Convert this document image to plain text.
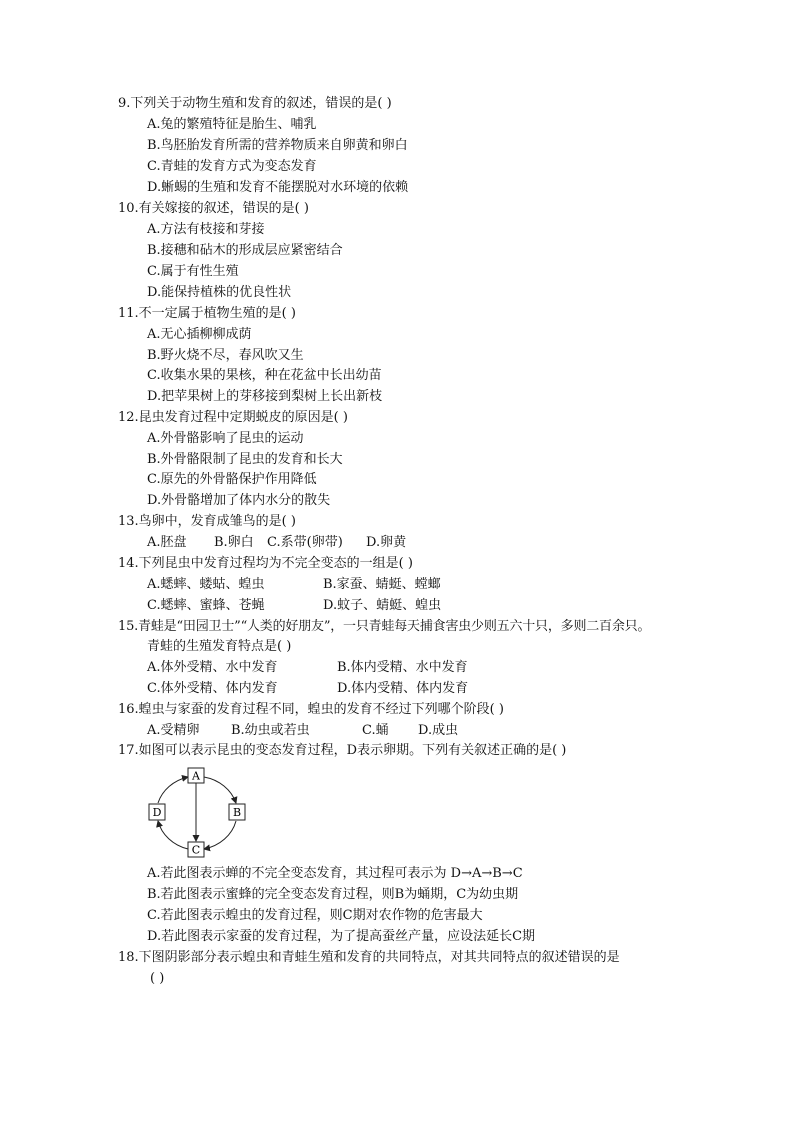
9.下列关于动物生殖和发育的叙述，错误的是( )
A.兔的繁殖特征是胎生、哺乳
B.鸟胚胎发育所需的营养物质来自卵黄和卵白
C.青蛙的发育方式为变态发育
D.蜥蜴的生殖和发育不能摆脱对水环境的依赖
10.有关嫁接的叙述，错误的是( )
A.方法有枝接和芽接
B.接穗和砧木的形成层应紧密结合
C.属于有性生殖
D.能保持植株的优良性状
11.不一定属于植物生殖的是( )
A.无心插柳柳成荫
B.野火烧不尽，春风吹又生
C.收集水果的果核，种在花盆中长出幼苗
D.把苹果树上的芽移接到梨树上长出新枝
12.昆虫发育过程中定期蜕皮的原因是( )
A.外骨骼影响了昆虫的运动
B.外骨骼限制了昆虫的发育和长大
C.原先的外骨骼保护作用降低
D.外骨骼增加了体内水分的散失
13.鸟卵中，发育成雏鸟的是( )
A.胚盘 B.卵白 C.系带(卵带) D.卵黄
14.下列昆虫中发育过程均为不完全变态的一组是( )
A.蟋蟀、蝼蛄、蝗虫	B.家蚕、蜻蜓、螳螂
C.蟋蟀、蜜蜂、苍蝇	D.蚊子、蜻蜓、蝗虫
15.青蛙是“田园卫士”“人类的好朋友”，一只青蛙每天捕食害虫少则五六十只，多则二百余只。
青蛙的生殖发育特点是( )
A.体外受精、水中发育	B.体内受精、水中发育
C.体外受精、体内发育	D.体内受精、体内发育
16.蝗虫与家蚕的发育过程不同，蝗虫的发育不经过下列哪个阶段( )
A.受精卵 B.幼虫或若虫	C.蛹 D.成虫
17.如图可以表示昆虫的变态发育过程，D表示卵期。下列有关叙述正确的是( )
A
B
C
D
A.若此图表示蝉的不完全变态发育，其过程可表示为 D→A→B→C
B.若此图表示蜜蜂的完全变态发育过程，则B为蛹期，C为幼虫期
C.若此图表示蝗虫的发育过程，则C期对农作物的危害最大
D.若此图表示家蚕的发育过程，为了提高蚕丝产量，应设法延长C期
18.下图阴影部分表示蝗虫和青蛙生殖和发育的共同特点，对其共同特点的叙述错误的是
( )
